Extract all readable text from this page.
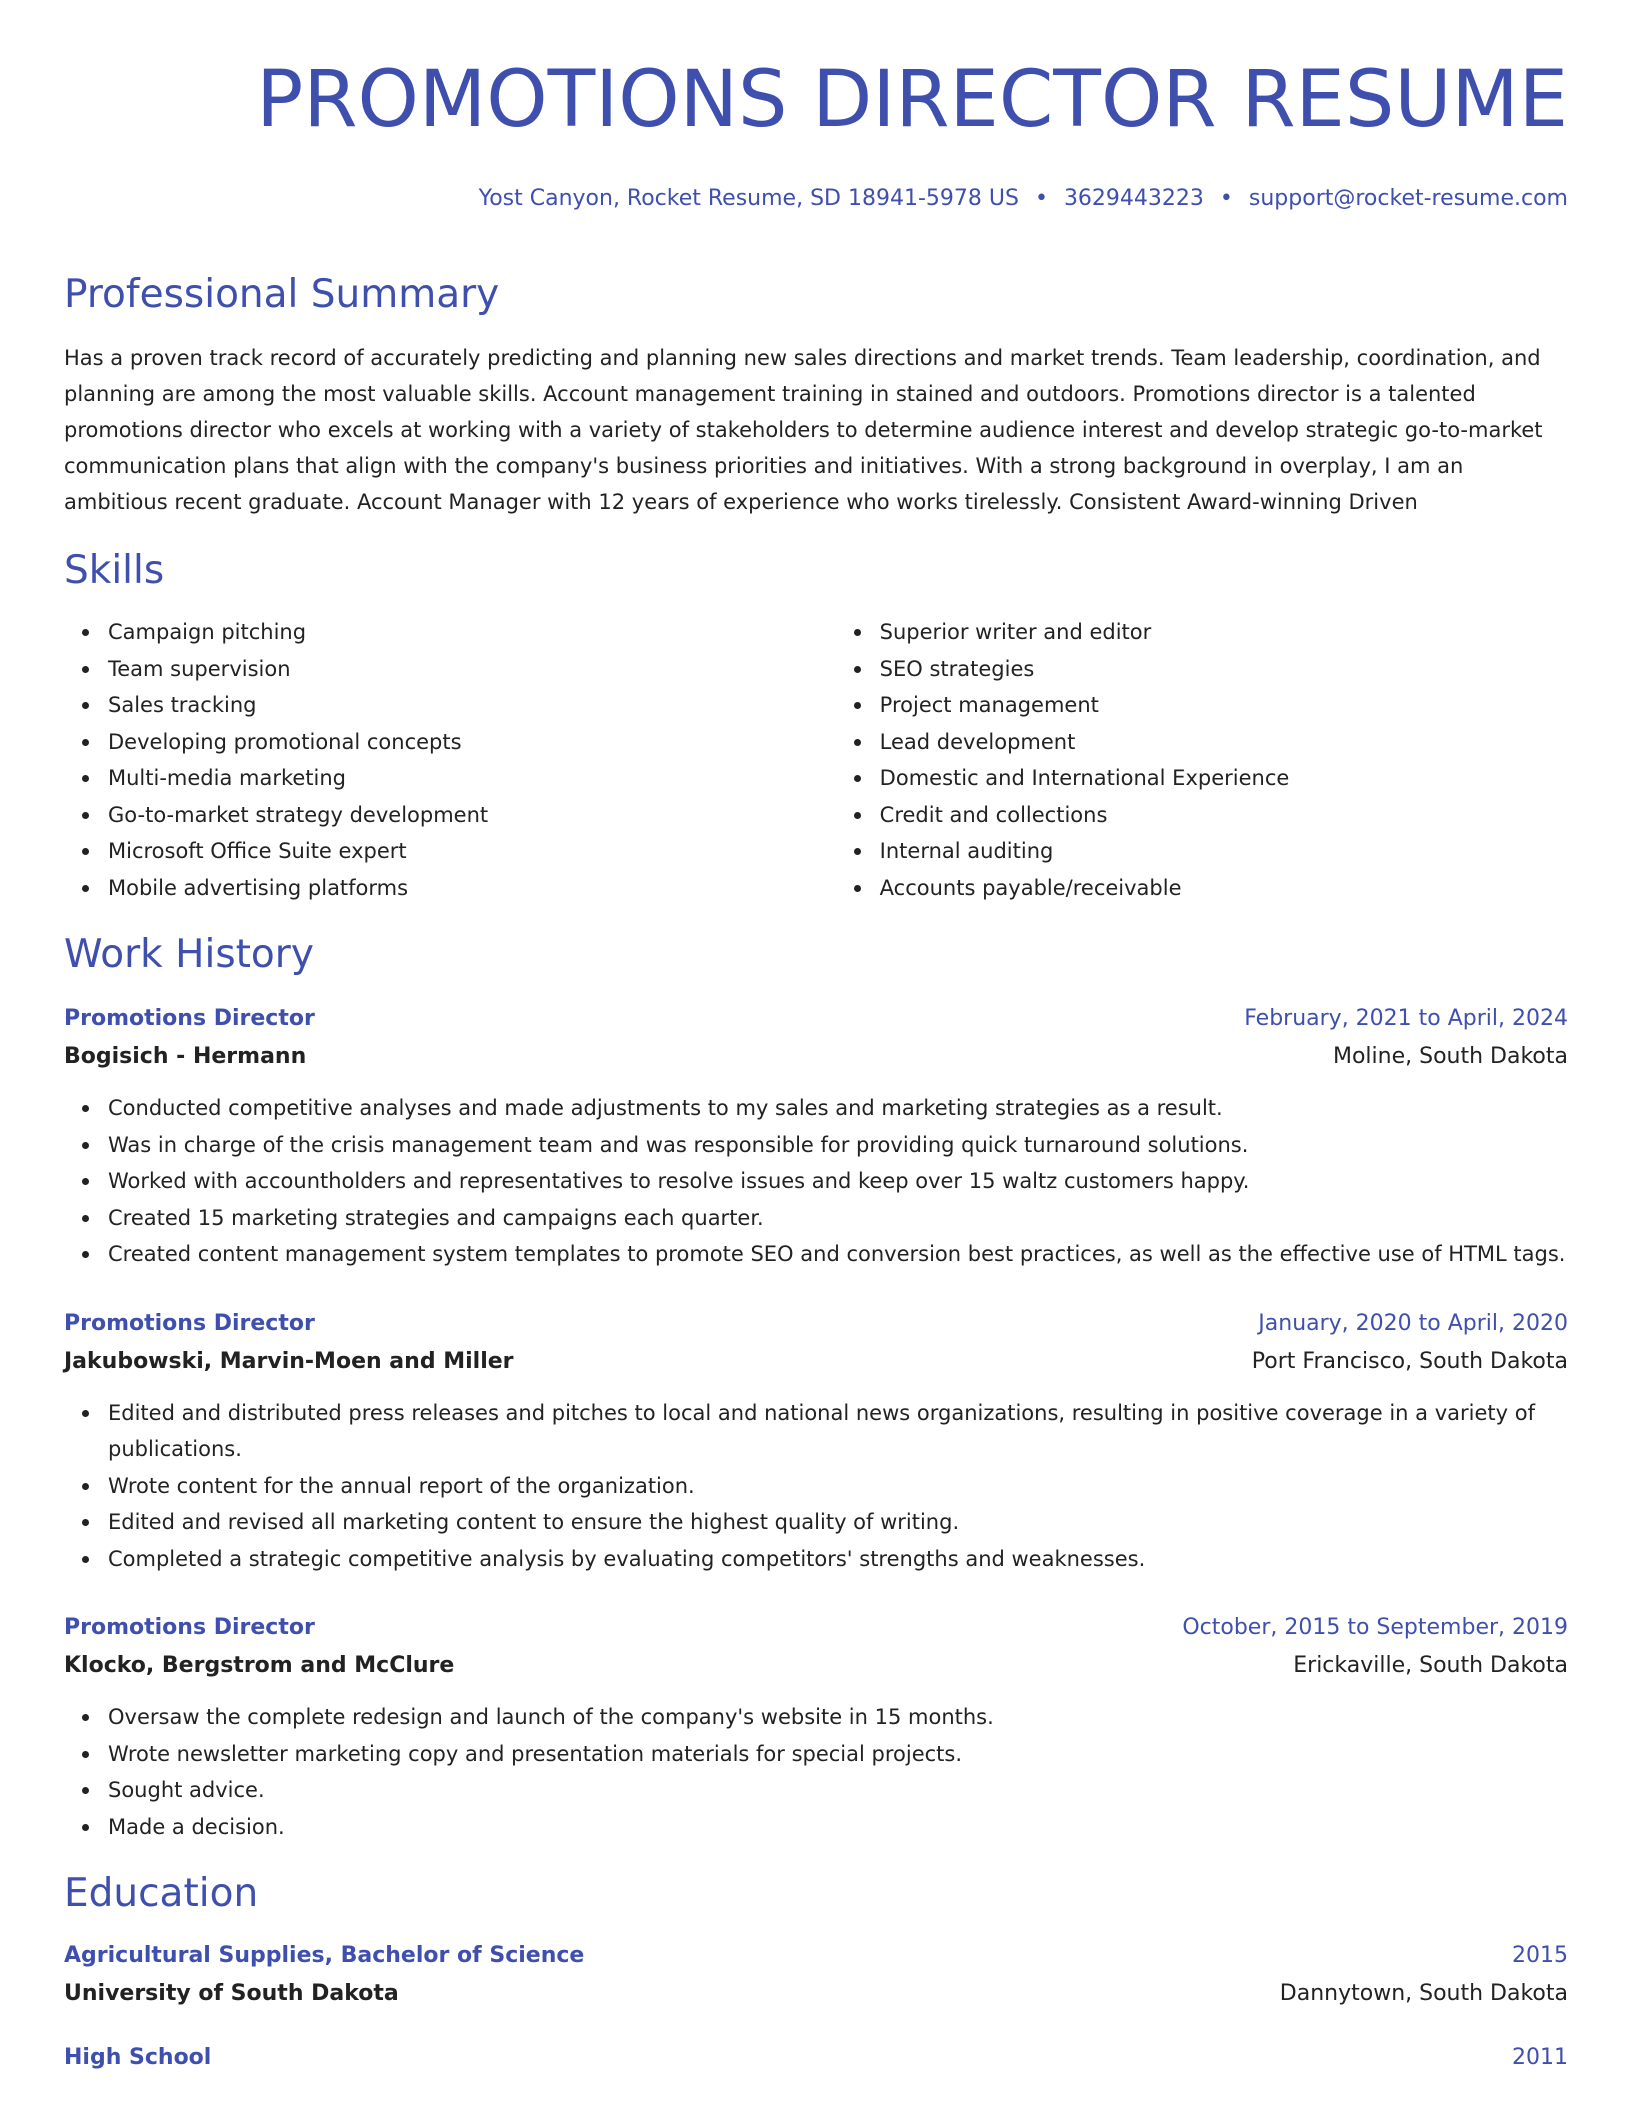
PROMOTIONS DIRECTOR RESUME
Yost Canyon, Rocket Resume, SD 18941-5978 US • 3629443223 • support@rocket-resume.com
Professional Summary

Has a proven track record of accurately predicting and planning new sales directions and market trends. Team leadership, coordination, and planning are among the most valuable skills. Account management training in stained and outdoors. Promotions director is a talented promotions director who excels at working with a variety of stakeholders to determine audience interest and develop strategic go-to-market communication plans that align with the company's business priorities and initiatives. With a strong background in overplay, I am an ambitious recent graduate. Account Manager with 12 years of experience who works tirelessly. Consistent Award-winning Driven

Skills
Campaign pitching
Team supervision
Sales tracking
Developing promotional concepts
Multi-media marketing
Go-to-market strategy development
Microsoft Office Suite expert
Mobile advertising platforms
Superior writer and editor
SEO strategies
Project management
Lead development
Domestic and International Experience
Credit and collections
Internal auditing
Accounts payable/receivable
Work History
Promotions Director	February, 2021 to April, 2024
Bogisich - Hermann	Moline, South Dakota
Conducted competitive analyses and made adjustments to my sales and marketing strategies as a result.
Was in charge of the crisis management team and was responsible for providing quick turnaround solutions.
Worked with accountholders and representatives to resolve issues and keep over 15 waltz customers happy.
Created 15 marketing strategies and campaigns each quarter.
Created content management system templates to promote SEO and conversion best practices, as well as the effective use of HTML tags.
Promotions Director	January, 2020 to April, 2020
Jakubowski, Marvin-Moen and Miller	Port Francisco, South Dakota
Edited and distributed press releases and pitches to local and national news organizations, resulting in positive coverage in a variety of publications.
Wrote content for the annual report of the organization.
Edited and revised all marketing content to ensure the highest quality of writing.
Completed a strategic competitive analysis by evaluating competitors' strengths and weaknesses.
Promotions Director	October, 2015 to September, 2019
Klocko, Bergstrom and McClure	Erickaville, South Dakota
Oversaw the complete redesign and launch of the company's website in 15 months.
Wrote newsletter marketing copy and presentation materials for special projects.
Sought advice.
Made a decision.
Education
Agricultural Supplies, Bachelor of Science	2015
University of South Dakota	Dannytown, South Dakota
High School	2011
